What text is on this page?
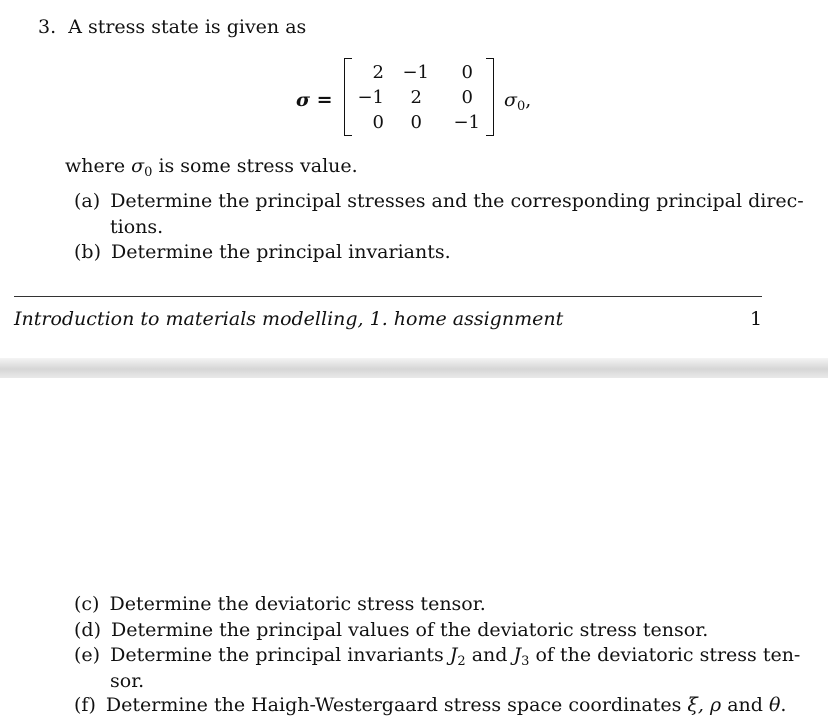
3. A stress state is given as
σ =
2	−1	0
−1	2	0
0	0	−1
$\sigma_0$,
where $\sigma_0$ is some stress value.
(a) Determine the principal stresses and the corresponding principal direc-
tions.
(b) Determine the principal invariants.
Introduction to materials modelling, 1. home assignment	1
(c) Determine the deviatoric stress tensor.
(d) Determine the principal values of the deviatoric stress tensor.
(e) Determine the principal invariants $J_2$ and $J_3$ of the deviatoric stress ten-
sor.
(f) Determine the Haigh-Westergaard stress space coordinates ξ, ρ and θ.
